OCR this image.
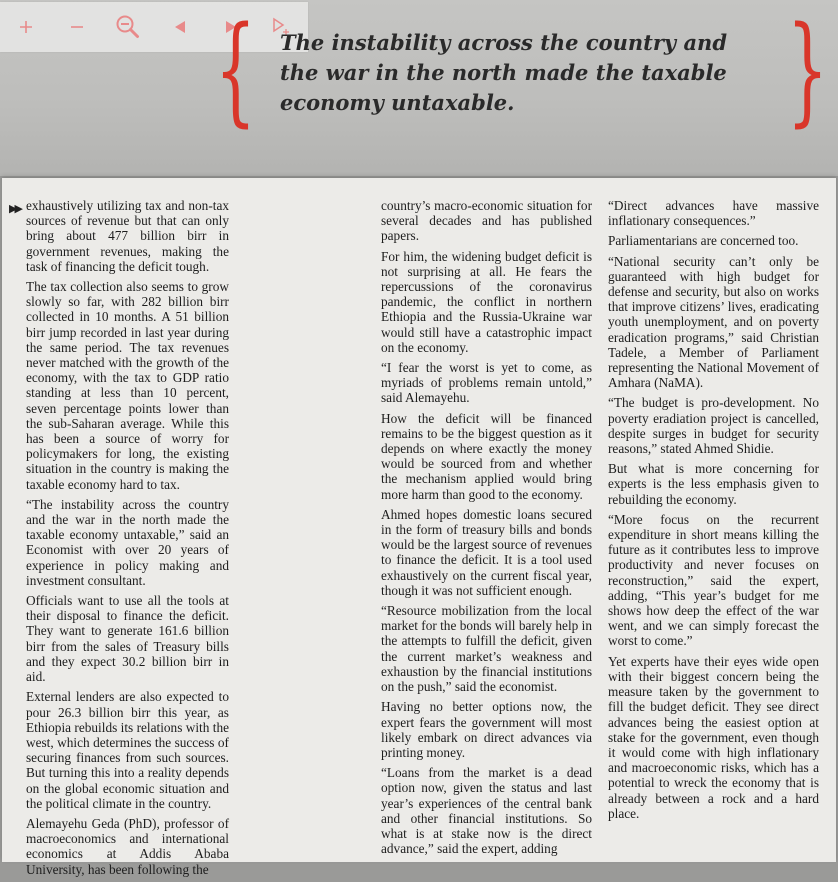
{	}

The instability across the country and the war in the north made the taxable economy untaxable.

▶▶ exhaustively utilizing tax and non-tax sources of revenue but that can only bring about 477 billion birr in government revenues, making the task of financing the deficit tough.

The tax collection also seems to grow slowly so far, with 282 billion birr collected in 10 months. A 51 billion birr jump recorded in last year during the same period. The tax revenues never matched with the growth of the economy, with the tax to GDP ratio standing at less than 10 percent, seven percentage points lower than the sub-Saharan average. While this has been a source of worry for policymakers for long, the existing situation in the country is making the taxable economy hard to tax.

“The instability across the country and the war in the north made the taxable economy untaxable,” said an Economist with over 20 years of experience in policy making and investment consultant.

Officials want to use all the tools at their disposal to finance the deficit. They want to generate 161.6 billion birr from the sales of Treasury bills and they expect 30.2 billion birr in aid.

External lenders are also expected to pour 26.3 billion birr this year, as Ethiopia rebuilds its relations with the west, which determines the success of securing finances from such sources. But turning this into a reality depends on the global economic situation and the political climate in the country.

Alemayehu Geda (PhD), professor of macroeconomics and international economics at Addis Ababa University, has been following the

country’s macro-economic situation for several decades and has published papers.

For him, the widening budget deficit is not surprising at all. He fears the repercussions of the coronavirus pandemic, the conflict in northern Ethiopia and the Russia-Ukraine war would still have a catastrophic impact on the economy.

“I fear the worst is yet to come, as myriads of problems remain untold,” said Alemayehu.

How the deficit will be financed remains to be the biggest question as it depends on where exactly the money would be sourced from and whether the mechanism applied would bring more harm than good to the economy.

Ahmed hopes domestic loans secured in the form of treasury bills and bonds would be the largest source of revenues to finance the deficit. It is a tool used exhaustively on the current fiscal year, though it was not sufficient enough.

“Resource mobilization from the local market for the bonds will barely help in the attempts to fulfill the deficit, given the current market’s weakness and exhaustion by the financial institutions on the push,” said the economist.

Having no better options now, the expert fears the government will most likely embark on direct advances via printing money.

“Loans from the market is a dead option now, given the status and last year’s experiences of the central bank and other financial institutions. So what is at stake now is the direct advance,” said the expert, adding

“Direct advances have massive inflationary consequences.”

Parliamentarians are concerned too.

“National security can’t only be guaranteed with high budget for defense and security, but also on works that improve citizens’ lives, eradicating youth unemployment, and on poverty eradication programs,” said Christian Tadele, a Member of Parliament representing the National Movement of Amhara (NaMA).

“The budget is pro-development. No poverty eradiation project is cancelled, despite surges in budget for security reasons,” stated Ahmed Shidie.

But what is more concerning for experts is the less emphasis given to rebuilding the economy.

“More focus on the recurrent expenditure in short means killing the future as it contributes less to improve productivity and never focuses on reconstruction,” said the expert, adding, “This year’s budget for me shows how deep the effect of the war went, and we can simply forecast the worst to come.”

Yet experts have their eyes wide open with their biggest concern being the measure taken by the government to fill the budget deficit. They see direct advances being the easiest option at stake for the government, even though it would come with high inflationary and macroeconomic risks, which has a potential to wreck the economy that is already between a rock and a hard place.
